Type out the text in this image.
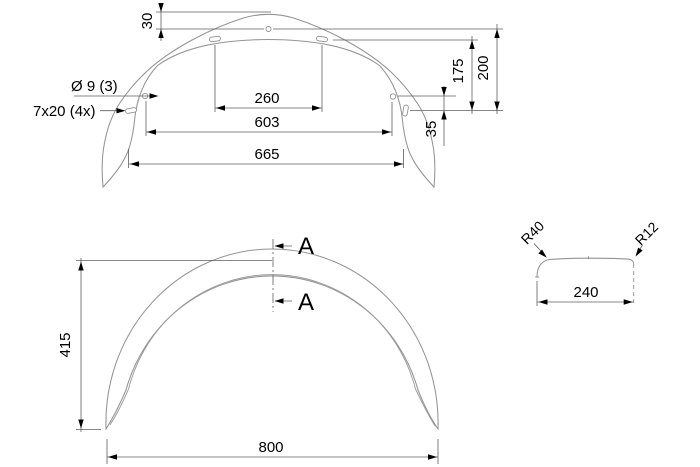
30
260
603
665
175 200
35
Ø 9 (3)
7x20 (4x)
A
A
415
800
240
R40	R12
